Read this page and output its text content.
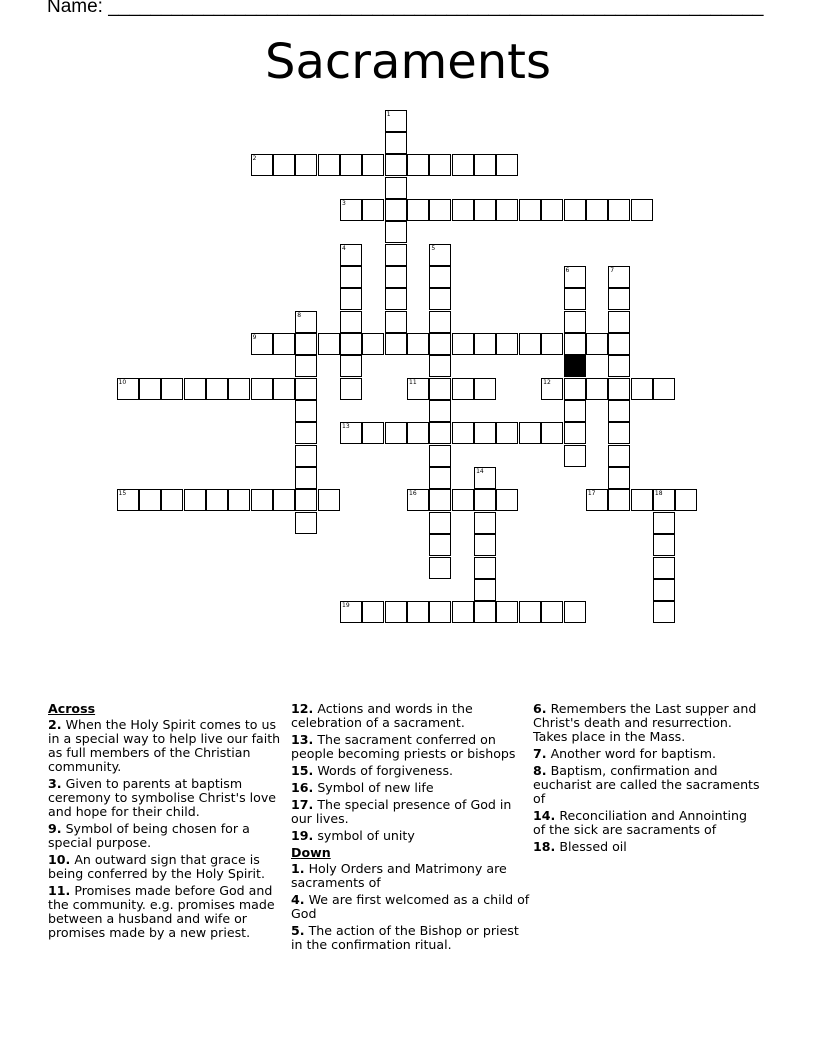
Name: ______________________________________________________________
Sacraments
1
2
3
4	5
6	7
8
9
10	11	12
13
14
15	16	17	18
19
Across
2. When the Holy Spirit comes to us in a special way to help live our faith as full members of the Christian community.
3. Given to parents at baptism ceremony to symbolise Christ's love and hope for their child.
9. Symbol of being chosen for a special purpose.
10. An outward sign that grace is being conferred by the Holy Spirit.
11. Promises made before God and the community. e.g. promises made between a husband and wife or promises made by a new priest.
12. Actions and words in the celebration of a sacrament.
13. The sacrament conferred on people becoming priests or bishops
15. Words of forgiveness.
16. Symbol of new life
17. The special presence of God in our lives.
19. symbol of unity
Down
1. Holy Orders and Matrimony are sacraments of
4. We are first welcomed as a child of God
5. The action of the Bishop or priest in the confirmation ritual.
6. Remembers the Last supper and Christ's death and resurrection. Takes place in the Mass.
7. Another word for baptism.
8. Baptism, confirmation and eucharist are called the sacraments of
14. Reconciliation and Annointing of the sick are sacraments of
18. Blessed oil
